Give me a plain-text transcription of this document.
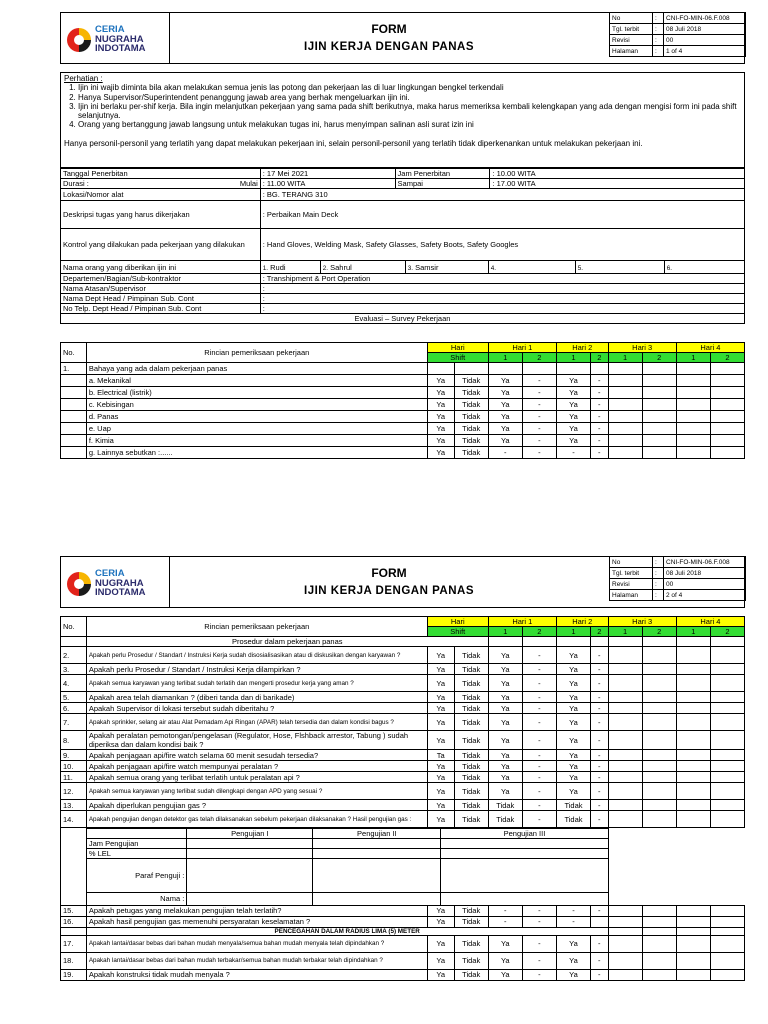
CERIA
NUGRAHA
INDOTAMA
FORM
IJIN KERJA DENGAN PANAS
No	:	CNI-FO-MIN-06.F.008
Tgl. terbit	:	08 Juli 2018
Revisi	:	00
Halaman	:	1 of 4
Perhatian :
1. Ijin ini wajib diminta bila akan melakukan semua jenis las potong dan pekerjaan las di luar lingkungan bengkel terkendali
2. Hanya Supervisor/Superintendent penanggung jawab area yang berhak mengeluarkan ijin ini.
3. Ijin ini berlaku per-shif kerja. Bila ingin melanjutkan pekerjaan yang sama pada shift berikutnya, maka harus memeriksa kembali kelengkapan yang ada dengan mengisi form ini pada shift selanjutnya.
4. Orang yang bertanggung jawab langsung untuk melakukan tugas ini, harus menyimpan salinan asli surat izin ini
Hanya personil-personil yang terlatih yang dapat melakukan pekerjaan ini, selain personil-personil yang terlatih tidak diperkenankan untuk melakukan pekerjaan ini.
Tanggal Penerbitan	: 17 Mei 2021	Jam Penerbitan	: 10.00 WITA
Durasi :	Mulai	: 11.00 WITA	Sampai	: 17.00 WITA
Lokasi/Nomor alat	: BG. TERANG 310
Deskripsi tugas yang harus dikerjakan	: Perbaikan Main Deck
Kontrol yang dilakukan pada pekerjaan yang dilakukan	: Hand Gloves, Welding Mask, Safety Glasses, Safety Boots, Safety Googles
Nama orang yang diberikan ijin ini		1. Rudi	2. Sahrul	3. Samsir	4.	5.	6.

Departemen/Bagian/Sub-kontraktor	: Transhipment & Port Operation
Nama Atasan/Supervisor	:
Nama Dept Head / Pimpinan Sub. Cont	:
No Telp. Dept Head / Pimpinan Sub. Cont	:
Evaluasi – Survey Pekerjaan
No.	Rincian pemeriksaan pekerjaan	Hari		Hari 1		Hari 2		Hari 3		Hari 4	
		Shift		1	2	1	2	1	2	1	2
1.	Bahaya yang ada dalam pekerjaan panas										
	a. Mekanikal	Ya	Tidak	Ya	-	Ya	-				
	b. Electrical (listrik)	Ya	Tidak	Ya	-	Ya	-				
	c. Kebisingan	Ya	Tidak	Ya	-	Ya	-				
	d. Panas	Ya	Tidak	Ya	-	Ya	-				
	e. Uap	Ya	Tidak	Ya	-	Ya	-				
	f. Kimia	Ya	Tidak	Ya	-	Ya	-				
	g. Lainnya sebutkan :......	Ya	Tidak	-	-	-	-				
CERIA
NUGRAHA
INDOTAMA
FORM
IJIN KERJA DENGAN PANAS
No	:	CNI-FO-MIN-06.F.008
Tgl. terbit	:	08 Juli 2018
Revisi	:	00
Halaman	:	2 of 4
No.	Rincian pemeriksaan pekerjaan	Hari	Hari 1	Hari 2	Hari 3	Hari 4
Shift	1	2	1	2	1	2	1	2
	Prosedur dalam pekerjaan panas								
2.	Apakah perlu Prosedur / Standart / Instruksi Kerja sudah disosialisasikan atau di diskusikan dengan karyawan ?	Ya	Tidak	Ya	-	Ya	-				
3.	Apakah perlu Prosedur / Standart / Instruksi Kerja dilampirkan ?	Ya	Tidak	Ya	-	Ya	-				
4.	Apakah semua karyawan yang terlibat sudah terlatih dan mengerti prosedur kerja yang aman ?	Ya	Tidak	Ya	-	Ya	-				
5.	Apakah area telah diamankan ? (diberi tanda dan di barikade)	Ya	Tidak	Ya	-	Ya	-				
6.	Apakah Supervisor di lokasi tersebut sudah diberitahu ?	Ya	Tidak	Ya	-	Ya	-				
7.	Apakah sprinkler, selang air atau Alat Pemadam Api Ringan (APAR) telah tersedia dan dalam kondisi bagus ?	Ya	Tidak	Ya	-	Ya	-				
8.	Apakah peralatan pemotongan/pengelasan (Regulator, Hose, Flshback arrestor, Tabung ) sudah diperiksa dan dalam kondisi baik ?	Ya	Tidak	Ya	-	Ya	-				
9.	Apakah penjagaan api/fire watch selama 60 menit sesudah tersedia?	Ta	Tidak	Ya	-	Ya	-				
10.	Apakah penjagaan api/fire watch mempunyai peralatan ?	Ya	Tidak	Ya	-	Ya	-				
11.	Apakah semua orang yang terlibat terlatih untuk peralatan api ?	Ya	Tidak	Ya	-	Ya	-				
12.	Apakah semua karyawan yang terlibat sudah dilengkapi dengan APD yang sesuai ?	Ya	Tidak	Ya	-	Ya	-				
13.	Apakah diperlukan pengujian gas ?	Ya	Tidak	Tidak	-	Tidak	-				
14.	Apakah pengujian dengan detektor gas telah dilaksanakan sebelum pekerjaan dilaksanakan ? Hasil pengujian gas :	Ya	Tidak	Tidak	-	Tidak	-				

	Pengujian I	Pengujian II	Pengujian III
Jam Pengujian			
% LEL			
Paraf Penguji :			
Nama :			

15.	Apakah petugas yang melakukan pengujian telah terlatih?	Ya	Tidak	-	-	-	-				
16.	Apakah hasil pengujian gas memenuhi persyaratan keselamatan ?	Ya	Tidak	-	-	-					
	PENCEGAHAN DALAM RADIUS LIMA (5) METER				
17.	Apakah lantai/dasar bebas dari bahan mudah menyala/semua bahan mudah menyala telah dipindahkan ?	Ya	Tidak	Ya	-	Ya	-				
18.	Apakah lantai/dasar bebas dari bahan mudah terbakar/semua bahan mudah terbakar telah dipindahkan ?	Ya	Tidak	Ya	-	Ya	-				
19.	Apakah konstruksi tidak mudah menyala ?	Ya	Tidak	Ya	-	Ya	-				
